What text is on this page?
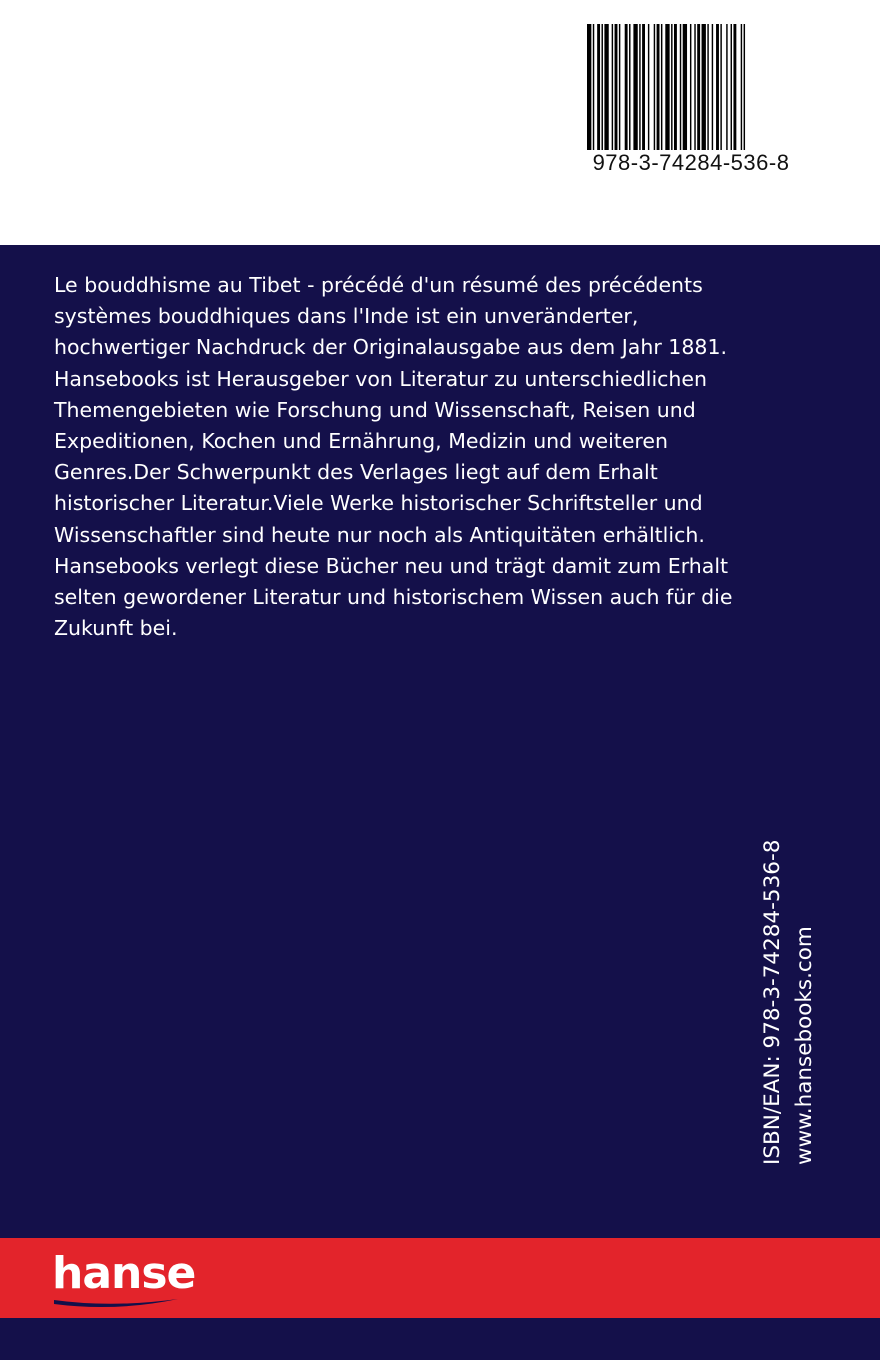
978-3-74284-536-8
Le bouddhisme au Tibet - précédé d'un résumé des précédents
systèmes bouddhiques dans l'Inde ist ein unveränderter,
hochwertiger Nachdruck der Originalausgabe aus dem Jahr 1881.
Hansebooks ist Herausgeber von Literatur zu unterschiedlichen
Themengebieten wie Forschung und Wissenschaft, Reisen und
Expeditionen, Kochen und Ernährung, Medizin und weiteren
Genres.Der Schwerpunkt des Verlages liegt auf dem Erhalt
historischer Literatur.Viele Werke historischer Schriftsteller und
Wissenschaftler sind heute nur noch als Antiquitäten erhältlich.
Hansebooks verlegt diese Bücher neu und trägt damit zum Erhalt
selten gewordener Literatur und historischem Wissen auch für die
Zukunft bei.
ISBN/EAN: 978-3-74284-536-8 www.hansebooks.com
hanse
